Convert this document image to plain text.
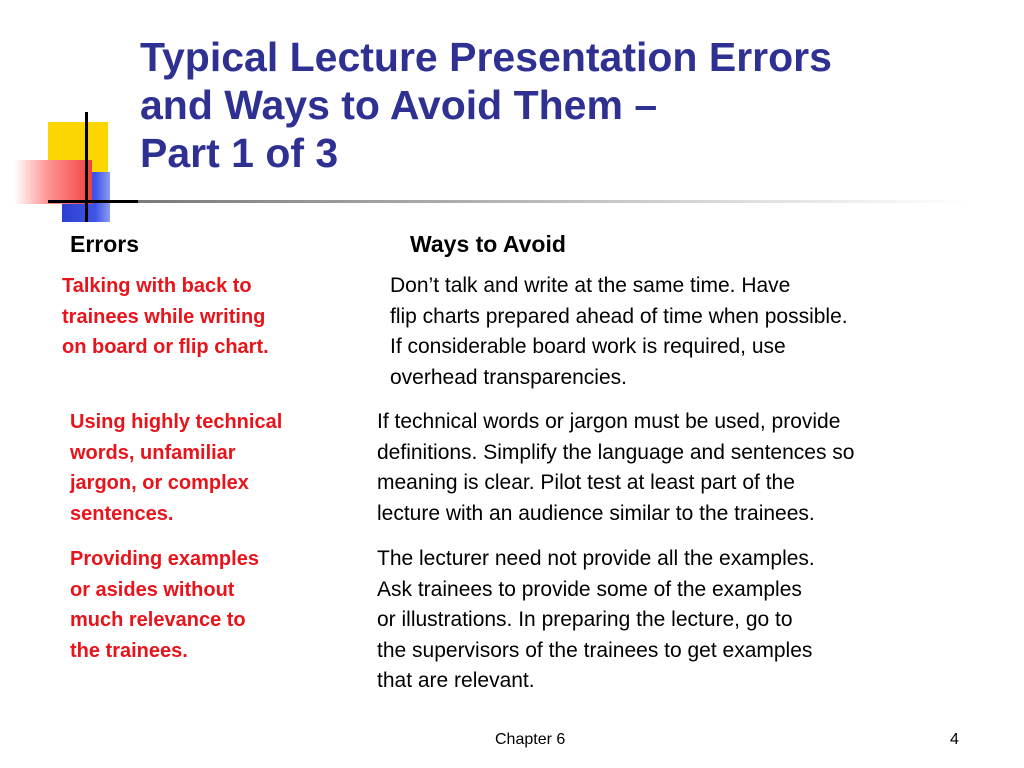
Typical Lecture Presentation Errors
and Ways to Avoid Them –
Part 1 of 3
Errors	Ways to Avoid
Talking with back to
trainees while writing
on board or flip chart.
Don’t talk and write at the same time. Have
flip charts prepared ahead of time when possible.
If considerable board work is required, use
overhead transparencies.
Using highly technical
words, unfamiliar
jargon, or complex
sentences.
If technical words or jargon must be used, provide
definitions. Simplify the language and sentences so
meaning is clear. Pilot test at least part of the
lecture with an audience similar to the trainees.
Providing examples
or asides without
much relevance to
the trainees.
The lecturer need not provide all the examples.
Ask trainees to provide some of the examples
or illustrations. In preparing the lecture, go to
the supervisors of the trainees to get examples
that are relevant.
Chapter 6	4
